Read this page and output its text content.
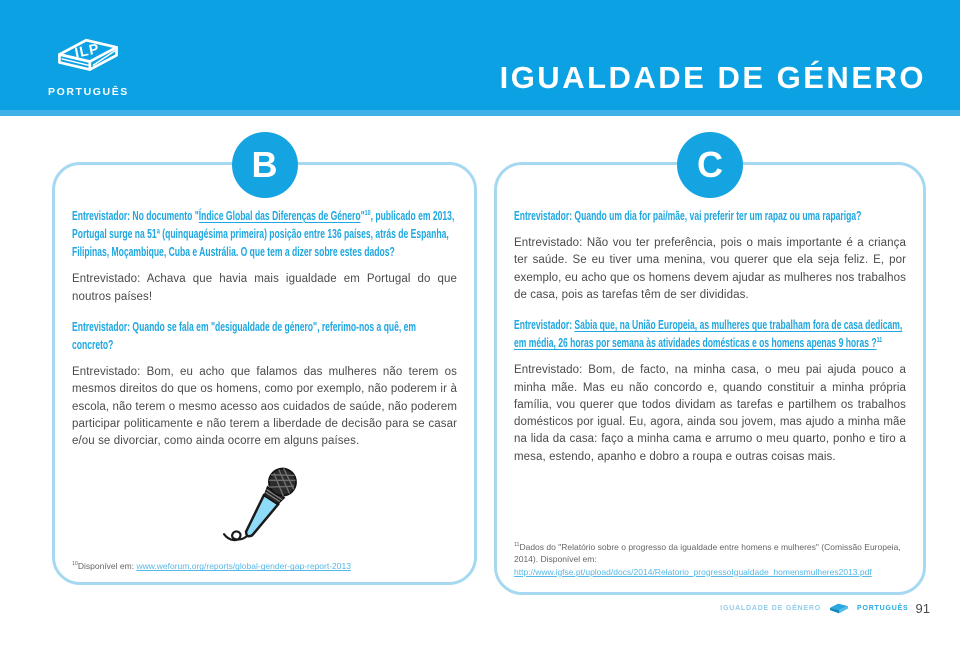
ILP
PORTUGUÊS	IGUALDADE DE GÉNERO
B

Entrevistador: No documento "Índice Global das Diferenças de Género"$^{10}$, publicado em 2013, Portugal surge na 51ª (quinquagésima primeira) posição entre 136 países, atrás de Espanha, Filipinas, Moçambique, Cuba e Austrália. O que tem a dizer sobre estes dados?

Entrevistado: Achava que havia mais igualdade em Portugal do que noutros países!

Entrevistador: Quando se fala em "desigualdade de género", referimo-nos a quê, em concreto?

Entrevistado: Bom, eu acho que falamos das mulheres não terem os mesmos direitos do que os homens, como por exemplo, não poderem ir à escola, não terem o mesmo acesso aos cuidados de saúde, não poderem participar politicamente e não terem a liberdade de decisão para se casar e/ou se divorciar, como ainda ocorre em alguns países.

$^{10}$Disponível em: www.weforum.org/reports/global-gender-gap-report-2013

C

Entrevistador: Quando um dia for pai/mãe, vai preferir ter um rapaz ou uma rapariga?

Entrevistado: Não vou ter preferência, pois o mais importante é a criança ter saúde. Se eu tiver uma menina, vou querer que ela seja feliz. E, por exemplo, eu acho que os homens devem ajudar as mulheres nos trabalhos de casa, pois as tarefas têm de ser divididas.

Entrevistador: Sabia que, na União Europeia, as mulheres que trabalham fora de casa dedicam, em média, 26 horas por semana às atividades domésticas e os homens apenas 9 horas ?$^{11}$

Entrevistado: Bom, de facto, na minha casa, o meu pai ajuda pouco a minha mãe. Mas eu não concordo e, quando constituir a minha própria família, vou querer que todos dividam as tarefas e partilhem os trabalhos domésticos por igual. Eu, agora, ainda sou jovem, mas ajudo a minha mãe na lida da casa: faço a minha cama e arrumo o meu quarto, ponho e tiro a mesa, estendo, apanho e dobro a roupa e outras coisas mais.

$^{11}$Dados do "Relatório sobre o progresso da igualdade entre homens e mulheres" (Comissão Europeia, 2014). Disponível em: http://www.igfse.pt/upload/docs/2014/Relatorio_progressoIgualdade_homensmulheres2013.pdf

IGUALDADE DE GÉNERO	PORTUGUÊS 91
